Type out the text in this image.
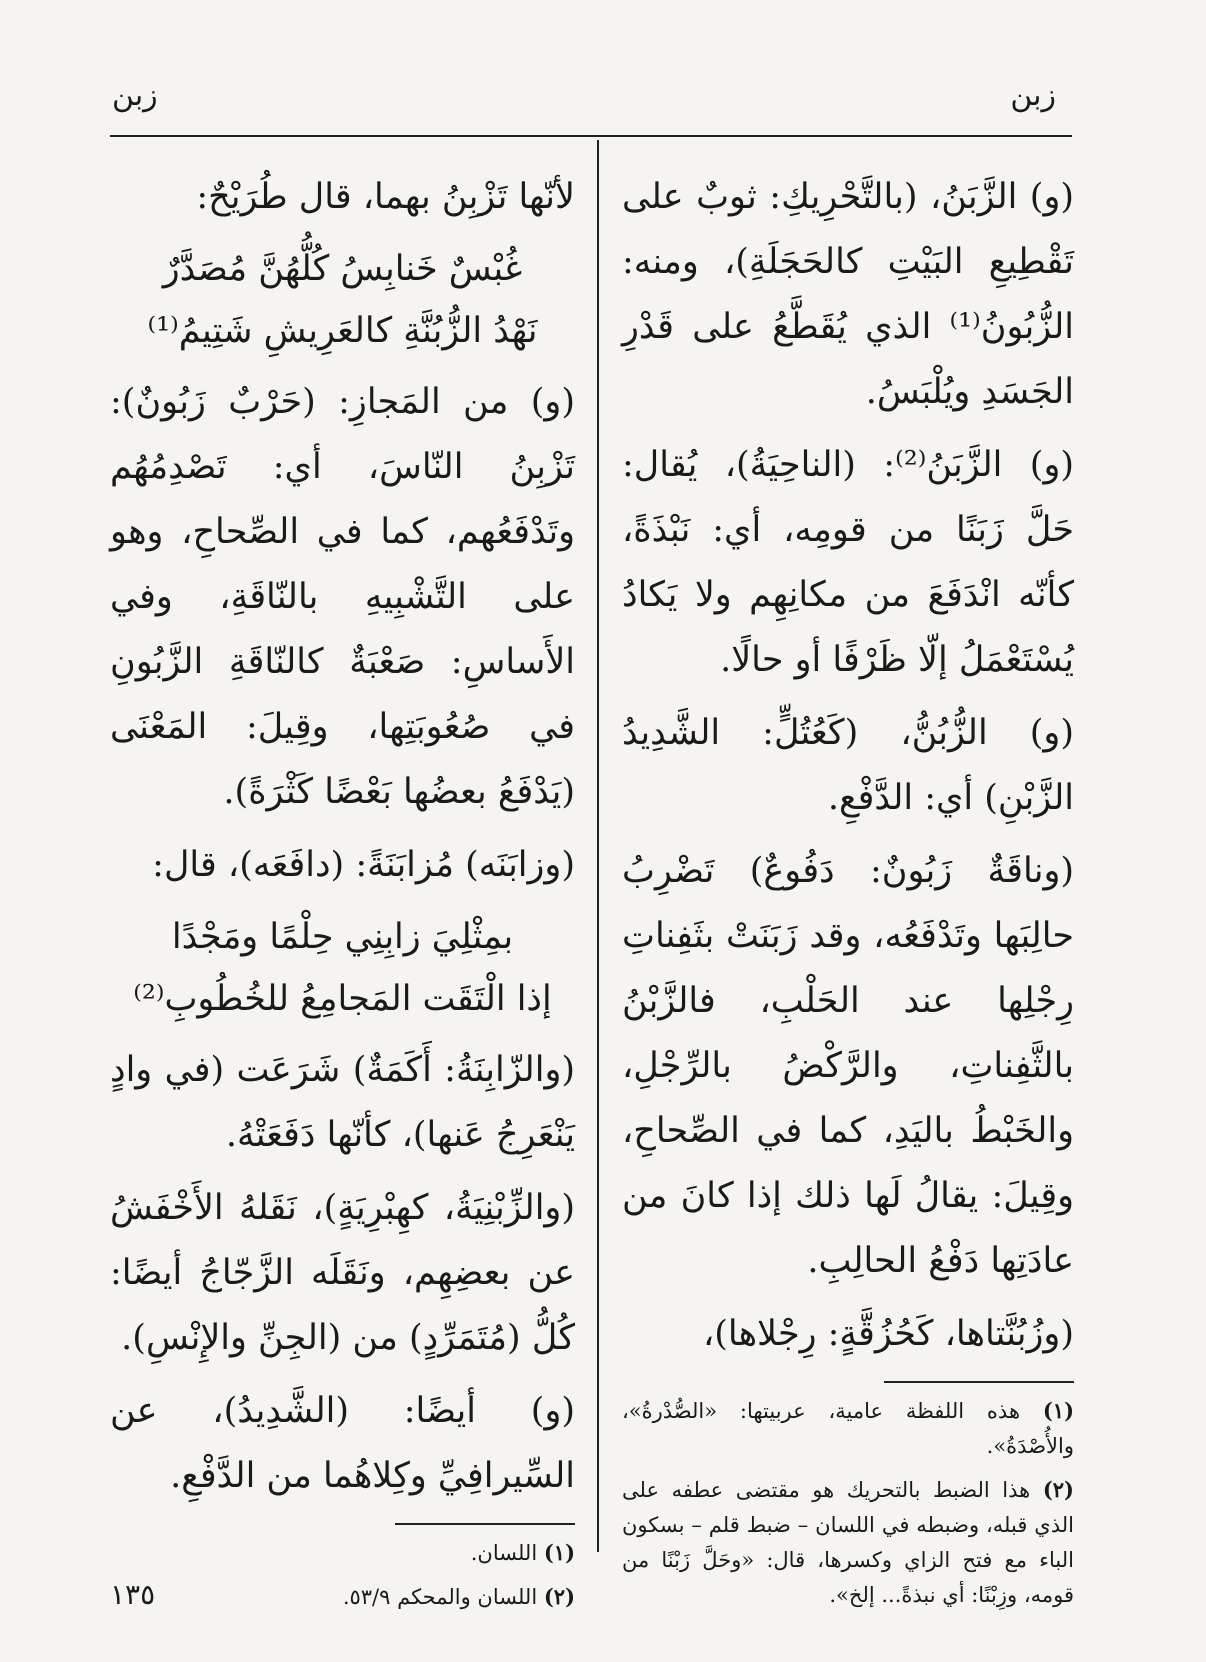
زبن
زبن

(و) الزَّبَنُ، (بالتَّحْرِيكِ: ثوبٌ على تَقْطِيعِ البَيْتِ كالحَجَلَةِ)، ومنه: الزُّبُونُ⁽¹⁾ الذي يُقَطَّعُ على قَدْرِ الجَسَدِ ويُلْبَسُ.

(و) الزَّبَنُ⁽²⁾: (الناحِيَةُ)، يُقال: حَلَّ زَبَنًا من قومِه، أي: نَبْذَةً، كأنّه انْدَفَعَ من مكانِهِم ولا يَكادُ يُسْتَعْمَلُ إلّا ظَرْفًا أو حالًا.

(و) الزُّبُنُّ، (كَعُتُلٍّ: الشَّدِيدُ الزَّبْنِ) أي: الدَّفْعِ.

(وناقَةٌ زَبُونٌ: دَفُوعٌ) تَضْرِبُ حالِبَها وتَدْفَعُه، وقد زَبَنَتْ بثَفِناتِ رِجْلِها عند الحَلْبِ، فالزَّبْنُ بالثَّفِناتِ، والرَّكْضُ بالرِّجْلِ، والخَبْطُ باليَدِ، كما في الصِّحاحِ، وقِيلَ: يقالُ لَها ذلك إذا كانَ من عادَتِها دَفْعُ الحالِبِ.

(وزُبُنَّتاها، كَحُزُقَّةٍ: رِجْلاها)،

(١) هذه اللفظة عامية، عربيتها: «الصُّدْرةُ»، والأُصْدَةُ».

(٢) هذا الضبط بالتحريك هو مقتضى عطفه على الذي قبله، وضبطه في اللسان – ضبط قلم – بسكون الباء مع فتح الزاي وكسرها، قال: «وحَلَّ زَبْنًا من قومه، وزِبْنًا: أي نبذةً... إلخ».

لأنّها تَزْبِنُ بهما، قال طُرَيْحٌ:

غُبْسٌ خَنابِسُ كُلُّهُنَّ مُصَدَّرٌ
نَهْدُ الزُّبُنَّةِ كالعَرِيشِ شَتِيمُ⁽¹⁾

(و) من المَجازِ: (حَرْبٌ زَبُونٌ): تَزْبِنُ النّاسَ، أي: تَصْدِمُهُم وتَدْفَعُهم، كما في الصِّحاحِ، وهو على التَّشْبِيهِ بالنّاقَةِ، وفي الأَساسِ: صَعْبَةٌ كالنّاقَةِ الزَّبُونِ في صُعُوبَتِها، وقِيلَ: المَعْنَى (يَدْفَعُ بعضُها بَعْضًا كَثْرَةً).

(وزابَنَه) مُزابَنَةً: (دافَعَه)، قال:

بمِثْلِيَ زابِنِي حِلْمًا ومَجْدًا
إذا الْتَقَت المَجامِعُ للخُطُوبِ⁽²⁾

(والزّابِنَةُ: أَكَمَةٌ) شَرَعَت (في وادٍ يَنْعَرِجُ عَنها)، كأنّها دَفَعَتْهُ.

(والزِّبْنِيَةُ، كهِبْرِيَةٍ)، نَقَلهُ الأَخْفَشُ عن بعضِهِم، ونَقَلَه الزَّجّاجُ أيضًا: كُلُّ (مُتَمَرِّدٍ) من (الجِنِّ والإِنْسِ).

(و) أيضًا: (الشَّدِيدُ)، عن السِّيرافِيِّ وكِلاهُما من الدَّفْعِ.

(١) اللسان.

(٢) اللسان والمحكم ٥٣/٩.

١٣٥
